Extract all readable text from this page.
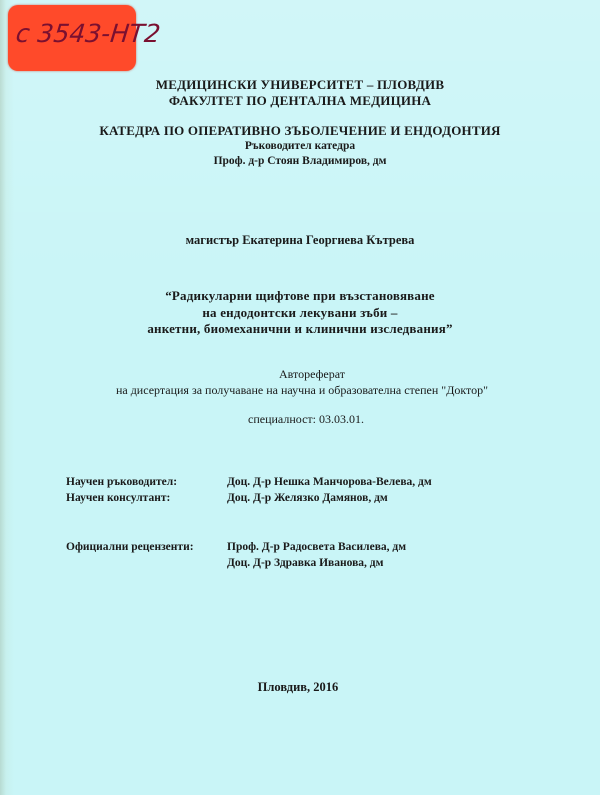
c 3543-НТ2
МЕДИЦИНСКИ УНИВЕРСИТЕТ – ПЛОВДИВ
ФАКУЛТЕТ ПО ДЕНТАЛНА МЕДИЦИНА
КАТЕДРА ПО ОПЕРАТИВНО ЗЪБОЛЕЧЕНИЕ И ЕНДОДОНТИЯ
Ръководител катедра
Проф. д-р Стоян Владимиров, дм
магистър Екатерина Георгиева Кътрева
“Радикуларни щифтове при възстановяване
на ендодонтски лекувани зъби –
анкетни, биомеханични и клинични изследвания”
Автореферат
на дисертация за получаване на научна и образователна степен "Доктор"
специалност: 03.03.01.
Научен ръководител:	Доц. Д-р Нешка Манчорова-Велева, дм
Научен консултант:	Доц. Д-р Желязко Дамянов, дм
Официални рецензенти:	Проф. Д-р Радосвета Василева, дм
Доц. Д-р Здравка Иванова, дм
Пловдив, 2016
